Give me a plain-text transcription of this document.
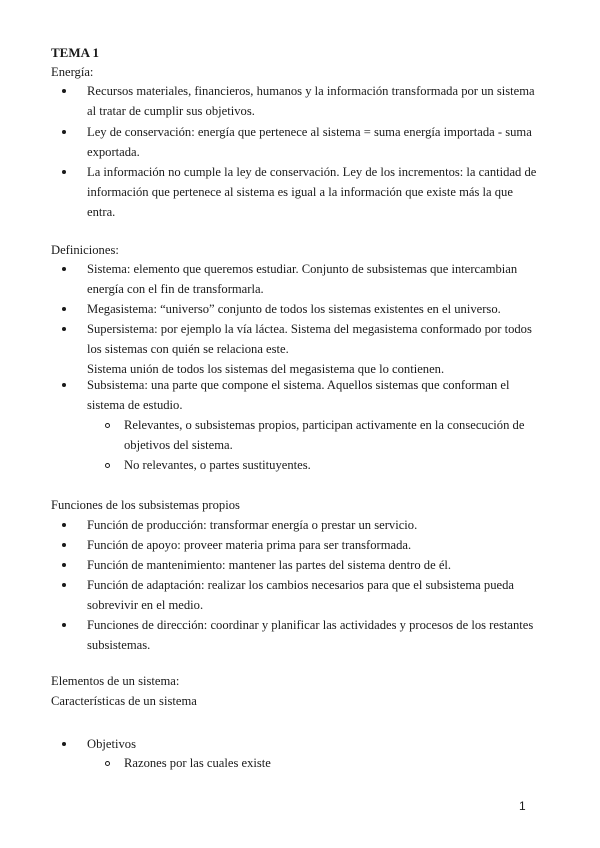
TEMA 1
Energía:
Recursos materiales, financieros, humanos y la información transformada por un sistema
al tratar de cumplir sus objetivos.
Ley de conservación: energía que pertenece al sistema = suma energía importada - suma
exportada.
La información no cumple la ley de conservación. Ley de los incrementos: la cantidad de
información que pertenece al sistema es igual a la información que existe más la que
entra.
Definiciones:
Sistema: elemento que queremos estudiar. Conjunto de subsistemas que intercambian
energía con el fin de transformarla.
Megasistema: “universo” conjunto de todos los sistemas existentes en el universo.
Supersistema: por ejemplo la vía láctea. Sistema del megasistema conformado por todos
los sistemas con quién se relaciona este.
Sistema unión de todos los sistemas del megasistema que lo contienen.
Subsistema: una parte que compone el sistema. Aquellos sistemas que conforman el
sistema de estudio.
Relevantes, o subsistemas propios, participan activamente en la consecución de
objetivos del sistema.
No relevantes, o partes sustituyentes.
Funciones de los subsistemas propios
Función de producción: transformar energía o prestar un servicio.
Función de apoyo: proveer materia prima para ser transformada.
Función de mantenimiento: mantener las partes del sistema dentro de él.
Función de adaptación: realizar los cambios necesarios para que el subsistema pueda
sobrevivir en el medio.
Funciones de dirección: coordinar y planificar las actividades y procesos de los restantes
subsistemas.
Elementos de un sistema:
Características de un sistema
Objetivos
Razones por las cuales existe
1
